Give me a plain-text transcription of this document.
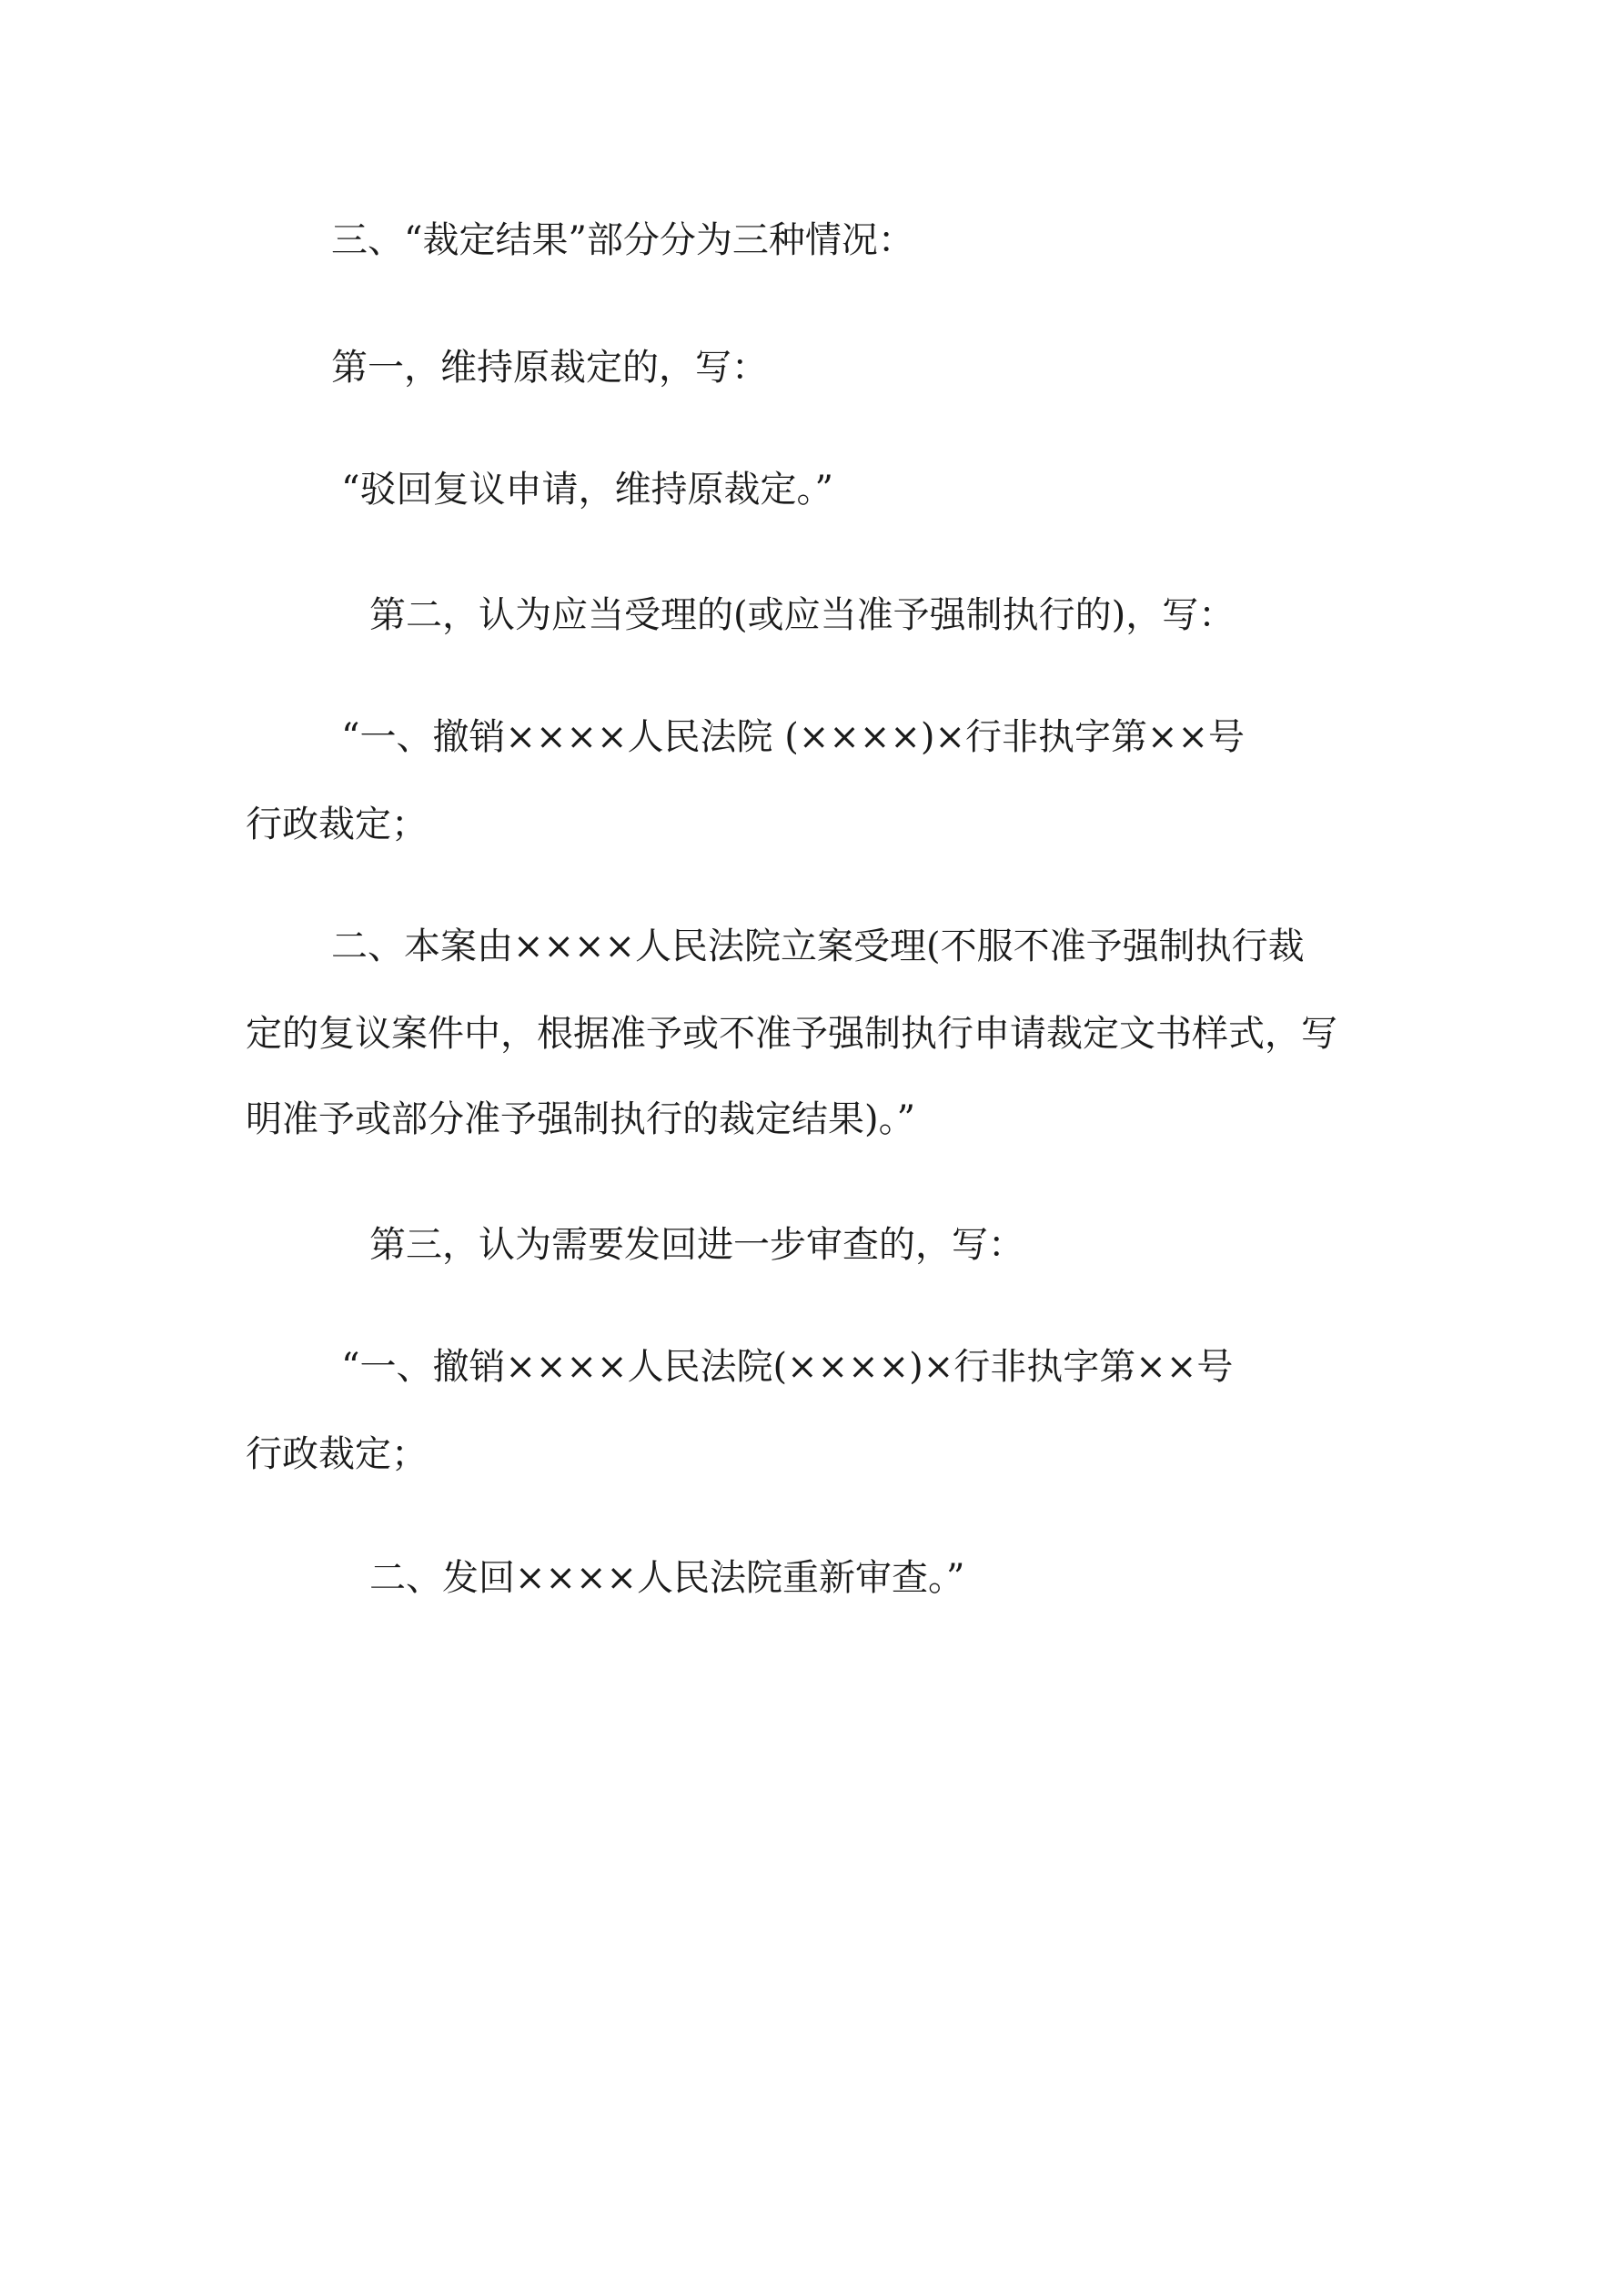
三、“裁定结果”部分分为三种情况：
第一，维持原裁定的，写：
“驳回复议申请，维持原裁定。”
第二，认为应当受理的(或应当准予强制执行的)，写：
“一、撤销××××人民法院 (××××)×行非执字第××号
行政裁定；
二、本案由××××人民法院立案受理(不服不准予强制执行裁
定的复议案件中，根据准予或不准予强制执行申请裁定文书样式，写
明准予或部分准予强制执行的裁定结果)。”
第三，认为需要发回进一步审查的，写：
“一、撤销××××人民法院(××××)×行非执字第××号
行政裁定；
二、发回××××人民法院重新审查。”
